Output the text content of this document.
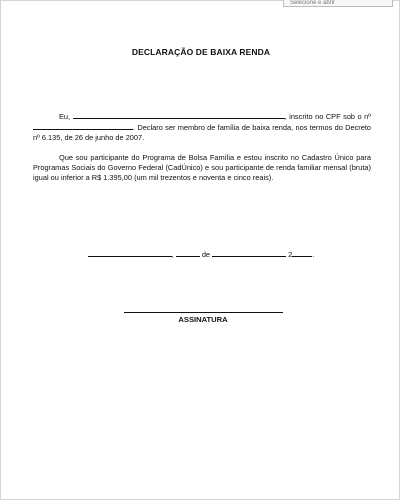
Selecione e abrir
DECLARAÇÃO DE BAIXA RENDA
Eu,	, inscrito no CPF sob o nº . Declaro ser membro de família de baixa renda, nos termos do Decreto nº 6.135, de 26 de junho de 2007.
Que sou participante do Programa de Bolsa Família e estou inscrito no Cadastro Único para Programas Sociais do Governo Federal (CadÚnico) e sou participante de renda familiar mensal (bruta) igual ou inferior a R$ 1.395,00 (um mil trezentos e noventa e cinco reais).
,	de	2	.
ASSINATURA
